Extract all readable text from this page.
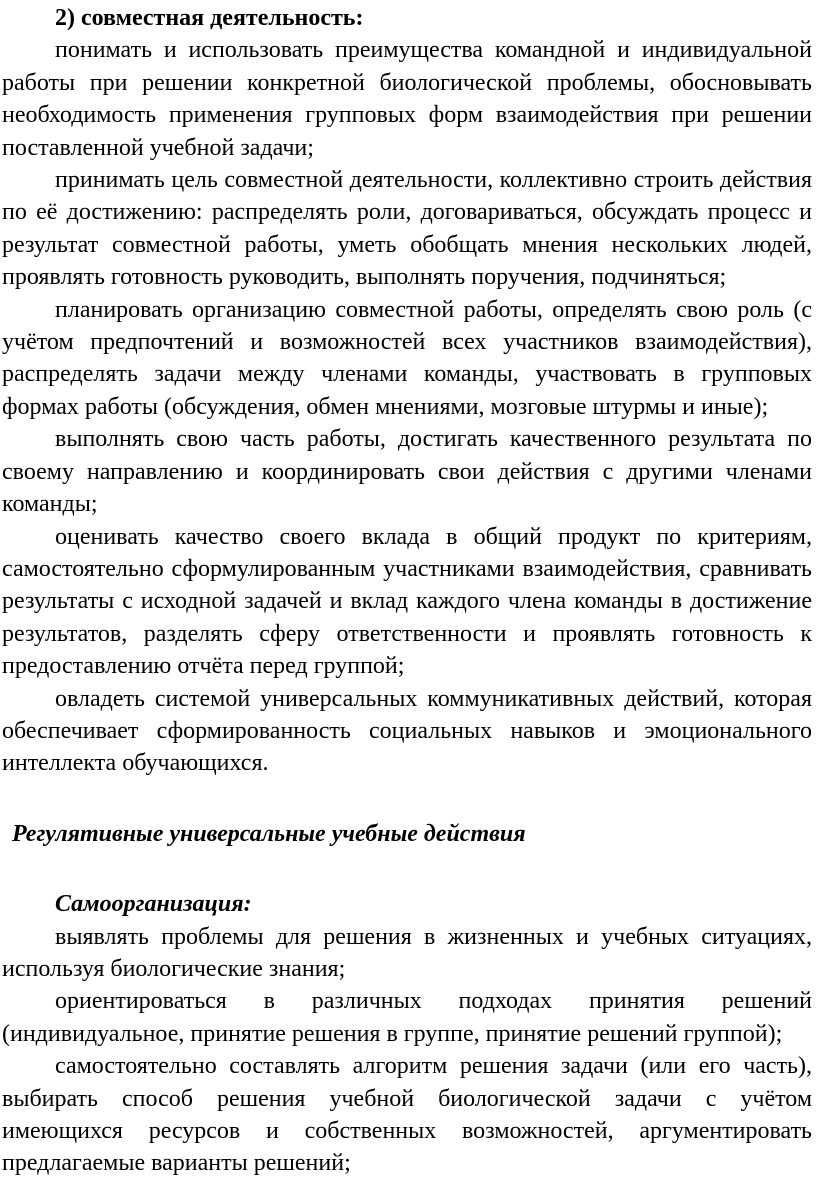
2) совместная деятельность:

понимать и использовать преимущества командной и индивидуальной работы при решении конкретной биологической проблемы, обосновывать необходимость применения групповых форм взаимодействия при решении поставленной учебной задачи;

принимать цель совместной деятельности, коллективно строить действия по её достижению: распределять роли, договариваться, обсуждать процесс и результат совместной работы, уметь обобщать мнения нескольких людей, проявлять готовность руководить, выполнять поручения, подчиняться;

планировать организацию совместной работы, определять свою роль (с учётом предпочтений и возможностей всех участников взаимодействия), распределять задачи между членами команды, участвовать в групповых формах работы (обсуждения, обмен мнениями, мозговые штурмы и иные);

выполнять свою часть работы, достигать качественного результата по своему направлению и координировать свои действия с другими членами команды;

оценивать качество своего вклада в общий продукт по критериям, самостоятельно сформулированным участниками взаимодействия, сравнивать результаты с исходной задачей и вклад каждого члена команды в достижение результатов, разделять сферу ответственности и проявлять готовность к предоставлению отчёта перед группой;

овладеть системой универсальных коммуникативных действий, которая обеспечивает сформированность социальных навыков и эмоционального интеллекта обучающихся.

Регулятивные универсальные учебные действия

Самоорганизация:

выявлять проблемы для решения в жизненных и учебных ситуациях, используя биологические знания;

ориентироваться в различных подходах принятия решений (индивидуальное, принятие решения в группе, принятие решений группой);

самостоятельно составлять алгоритм решения задачи (или его часть), выбирать способ решения учебной биологической задачи с учётом имеющихся ресурсов и собственных возможностей, аргументировать предлагаемые варианты решений;
